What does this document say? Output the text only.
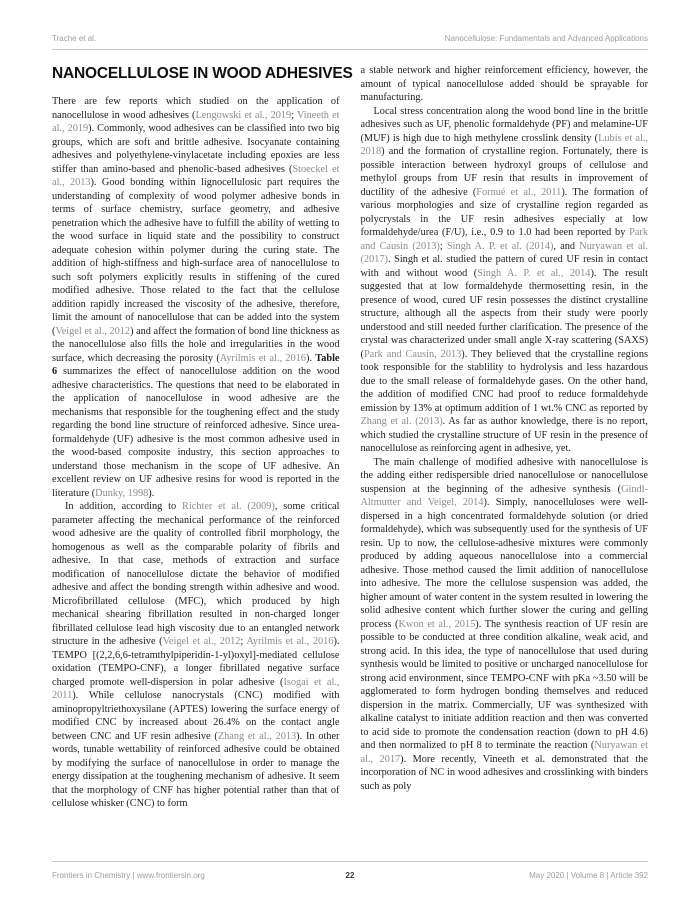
Trache et al.	Nanocellulose: Fundamentals and Advanced Applications
NANOCELLULOSE IN WOOD ADHESIVES

There are few reports which studied on the application of nanocellulose in wood adhesives (Lengowski et al., 2019; Vineeth et al., 2019). Commonly, wood adhesives can be classified into two big groups, which are soft and brittle adhesive. Isocyanate containing adhesives and polyethylene-vinylacetate including epoxies are less stiffer than amino-based and phenolic-based adhesives (Stoeckel et al., 2013). Good bonding within lignocellulosic part requires the understanding of complexity of wood polymer adhesive bonds in terms of surface chemistry, surface geometry, and adhesive penetration which the adhesive have to fulfill the ability of wetting to the wood surface in liquid state and the possibility to construct adequate cohesion within polymer during the curing state. The addition of high-stiffness and high-surface area of nanocellulose to such soft polymers explicitly results in stiffening of the cured modified adhesive. Those related to the fact that the cellulose addition rapidly increased the viscosity of the adhesive, therefore, limit the amount of nanocellulose that can be added into the system (Veigel et al., 2012) and affect the formation of bond line thickness as the nanocellulose also fills the hole and irregularities in the wood surface, which decreasing the porosity (Ayrilmis et al., 2016). Table 6 summarizes the effect of nanocellulose addition on the wood adhesive characteristics. The questions that need to be elaborated in the application of nanocellulose in wood adhesive are the mechanisms that responsible for the toughening effect and the study regarding the bond line structure of reinforced adhesive. Since urea-formaldehyde (UF) adhesive is the most common adhesive used in the wood-based composite industry, this section approaches to understand those mechanism in the scope of UF adhesive. An excellent review on UF adhesive resins for wood is reported in the literature (Dunky, 1998).

In addition, according to Richter et al. (2009), some critical parameter affecting the mechanical performance of the reinforced wood adhesive are the quality of controlled fibril morphology, the homogenous as well as the comparable polarity of fibrils and adhesive. In that case, methods of extraction and surface modification of nanocellulose dictate the behavior of modified adhesive and affect the bonding strength within adhesive and wood. Microfibrillated cellulose (MFC), which produced by high mechanical shearing fibrillation resulted in non-charged longer fibrillated cellulose lead high viscosity due to an entangled network structure in the adhesive (Veigel et al., 2012; Ayrilmis et al., 2016). TEMPO [(2,2,6,6-tetramthylpiperidin-1-yl)oxyl]-mediated cellulose oxidation (TEMPO-CNF), a longer fibrillated negative surface charged promote well-dispersion in polar adhesive (Isogai et al., 2011). While cellulose nanocrystals (CNC) modified with aminopropyltriethoxysilane (APTES) lowering the surface energy of modified CNC by increased about 26.4% on the contact angle between CNC and UF resin adhesive (Zhang et al., 2013). In other words, tunable wettability of reinforced adhesive could be obtained by modifying the surface of nanocellulose in order to manage the energy dissipation at the toughening mechanism of adhesive. It seem that the morphology of CNF has higher potential rather than that of cellulose whisker (CNC) to form

a stable network and higher reinforcement efficiency, however, the amount of typical nanocellulose added should be sprayable for manufacturing.

Local stress concentration along the wood bond line in the brittle adhesives such as UF, phenolic formaldehyde (PF) and melamine-UF (MUF) is high due to high methylene crosslink density (Lubis et al., 2018) and the formation of crystalline region. Fortunately, there is possible interaction between hydroxyl groups of cellulose and methylol groups from UF resin that results in improvement of ductility of the adhesive (Fornué et al., 2011). The formation of various morphologies and size of crystalline region regarded as polycrystals in the UF resin adhesives especially at low formaldehyde/urea (F/U), i.e., 0.9 to 1.0 had been reported by Park and Causin (2013); Singh A. P. et al. (2014), and Nuryawan et al. (2017). Singh et al. studied the pattern of cured UF resin in contact with and without wood (Singh A. P. et al., 2014). The result suggested that at low formaldehyde thermosetting resin, in the presence of wood, cured UF resin possesses the distinct crystalline structure, although all the aspects from their study were poorly understood and still needed further clarification. The presence of the crystal was characterized under small angle X-ray scattering (SAXS) (Park and Causin, 2013). They believed that the crystalline regions took responsible for the stablility to hydrolysis and less hazardous due to the small release of formaldehyde gases. On the other hand, the addition of modified CNC had proof to reduce formaldehyde emission by 13% at optimum addition of 1 wt.% CNC as reported by Zhang et al. (2013). As far as author knowledge, there is no report, which studied the crystalline structure of UF resin in the presence of nanocellulose as reinforcing agent in adhesive, yet.

The main challenge of modified adhesive with nanocellulose is the adding either redispersible dried nanocellulose or nanocellulose suspension at the beginning of the adhesive synthesis (Gindl-Altmutter and Veigel, 2014). Simply, nanocelluloses were well-dispersed in a high concentrated formaldehyde solution (or dried formaldehyde), which was subsequently used for the synthesis of UF resin. Up to now, the cellulose-adhesive mixtures were commonly produced by adding aqueous nanocellulose into a commercial adhesive. Those method caused the limit addition of nanocellulose into adhesive. The more the cellulose suspension was added, the higher amount of water content in the system resulted in lowering the solid adhesive content which further slower the curing and gelling process (Kwon et al., 2015). The synthesis reaction of UF resin are possible to be conducted at three condition alkaline, weak acid, and strong acid. In this idea, the type of nanocellulose that used during synthesis would be limited to positive or uncharged nanocellulose for strong acid environment, since TEMPO-CNF with pKa ~3.50 will be agglomerated to form hydrogen bonding themselves and reduced dispersion in the matrix. Commercially, UF was synthesized with alkaline catalyst to initiate addition reaction and then was converted to acid side to promote the condensation reaction (down to pH 4.6) and then normalized to pH 8 to terminate the reaction (Nuryawan et al., 2017). More recently, Vineeth et al. demonstrated that the incorporation of NC in wood adhesives and crosslinking with binders such as poly

Frontiers in Chemistry | www.frontiersin.org	22	May 2020 | Volume 8 | Article 392
